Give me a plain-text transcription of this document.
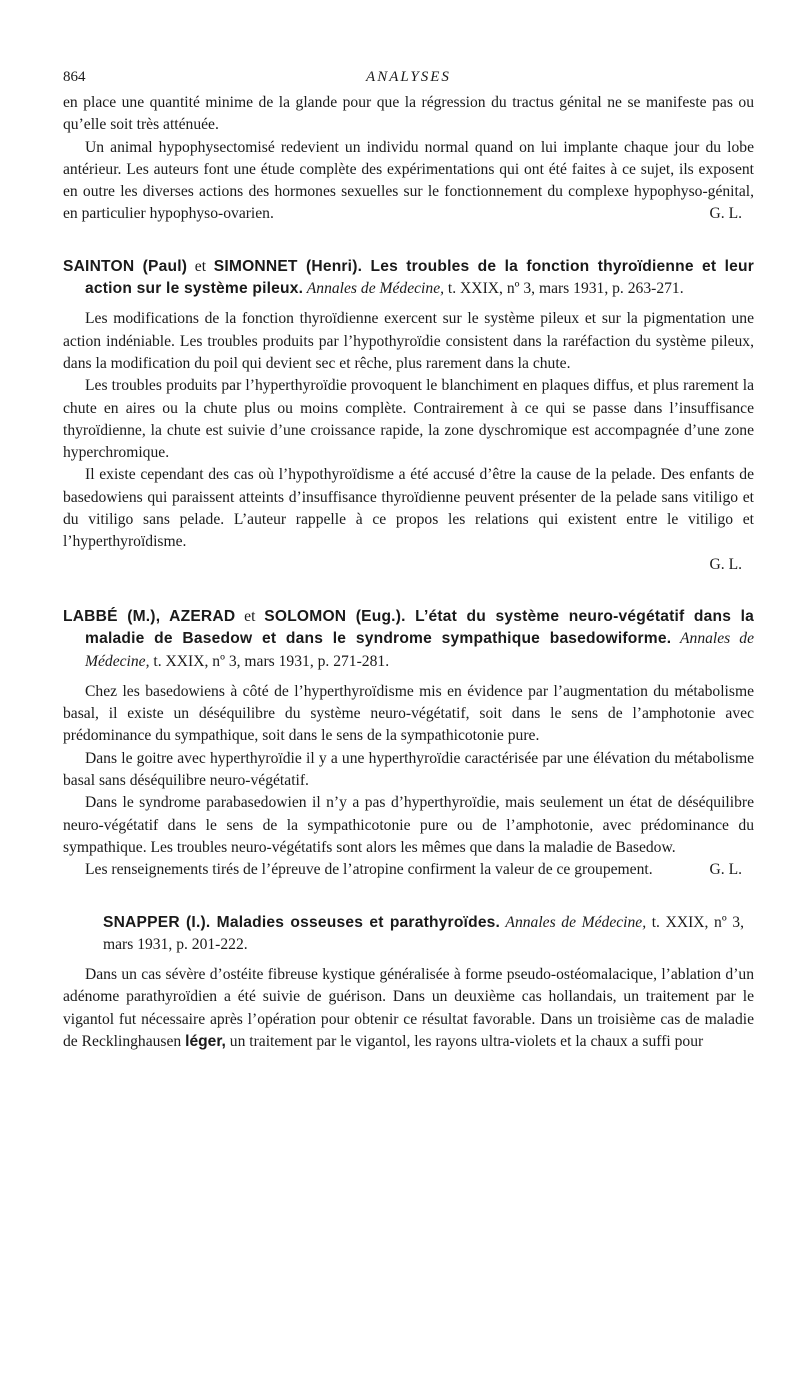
864	ANALYSES

en place une quantité minime de la glande pour que la régression du tractus génital ne se manifeste pas ou qu’elle soit très atténuée.

Un animal hypophysectomisé redevient un individu normal quand on lui implante chaque jour du lobe antérieur. Les auteurs font une étude complète des expérimentations qui ont été faites à ce sujet, ils exposent en outre les diverses actions des hormones sexuelles sur le fonctionnement du complexe hypophyso-génital, en particulier hypophyso-ovarien.	G. L.

SAINTON (Paul) et SIMONNET (Henri). Les troubles de la fonction thyroïdienne et leur action sur le système pileux. Annales de Médecine, t. XXIX, nº 3, mars 1931, p. 263-271.

Les modifications de la fonction thyroïdienne exercent sur le système pileux et sur la pigmentation une action indéniable. Les troubles produits par l’hypothyroïdie consistent dans la raréfaction du système pileux, dans la modification du poil qui devient sec et rêche, plus rarement dans la chute.

Les troubles produits par l’hyperthyroïdie provoquent le blanchiment en plaques diffus, et plus rarement la chute en aires ou la chute plus ou moins complète. Contrairement à ce qui se passe dans l’insuffisance thyroïdienne, la chute est suivie d’une croissance rapide, la zone dyschromique est accompagnée d’une zone hyperchromique.

Il existe cependant des cas où l’hypothyroïdisme a été accusé d’être la cause de la pelade. Des enfants de basedowiens qui paraissent atteints d’insuffisance thyroïdienne peuvent présenter de la pelade sans vitiligo et du vitiligo sans pelade. L’auteur rappelle à ce propos les relations qui existent entre le vitiligo et l’hyperthyroïdisme.

G. L.

LABBÉ (M.), AZERAD et SOLOMON (Eug.). L’état du système neuro-végétatif dans la maladie de Basedow et dans le syndrome sympathique basedowiforme. Annales de Médecine, t. XXIX, nº 3, mars 1931, p. 271-281.

Chez les basedowiens à côté de l’hyperthyroïdisme mis en évidence par l’augmentation du métabolisme basal, il existe un déséquilibre du système neuro-végétatif, soit dans le sens de l’amphotonie avec prédominance du sympathique, soit dans le sens de la sympathicotonie pure.

Dans le goitre avec hyperthyroïdie il y a une hyperthyroïdie caractérisée par une élévation du métabolisme basal sans déséquilibre neuro-végétatif.

Dans le syndrome parabasedowien il n’y a pas d’hyperthyroïdie, mais seulement un état de déséquilibre neuro-végétatif dans le sens de la sympathicotonie pure ou de l’amphotonie, avec prédominance du sympathique. Les troubles neuro-végétatifs sont alors les mêmes que dans la maladie de Basedow.

Les renseignements tirés de l’épreuve de l’atropine confirment la valeur de ce groupement.	G. L.

SNAPPER (I.). Maladies osseuses et parathyroïdes. Annales de Médecine, t. XXIX, nº 3, mars 1931, p. 201-222.

Dans un cas sévère d’ostéite fibreuse kystique généralisée à forme pseudo-ostéomalacique, l’ablation d’un adénome parathyroïdien a été suivie de guérison. Dans un deuxième cas hollandais, un traitement par le vigantol fut nécessaire après l’opération pour obtenir ce résultat favorable. Dans un troisième cas de maladie de Recklinghausen léger, un traitement par le vigantol, les rayons ultra-violets et la chaux a suffi pour
